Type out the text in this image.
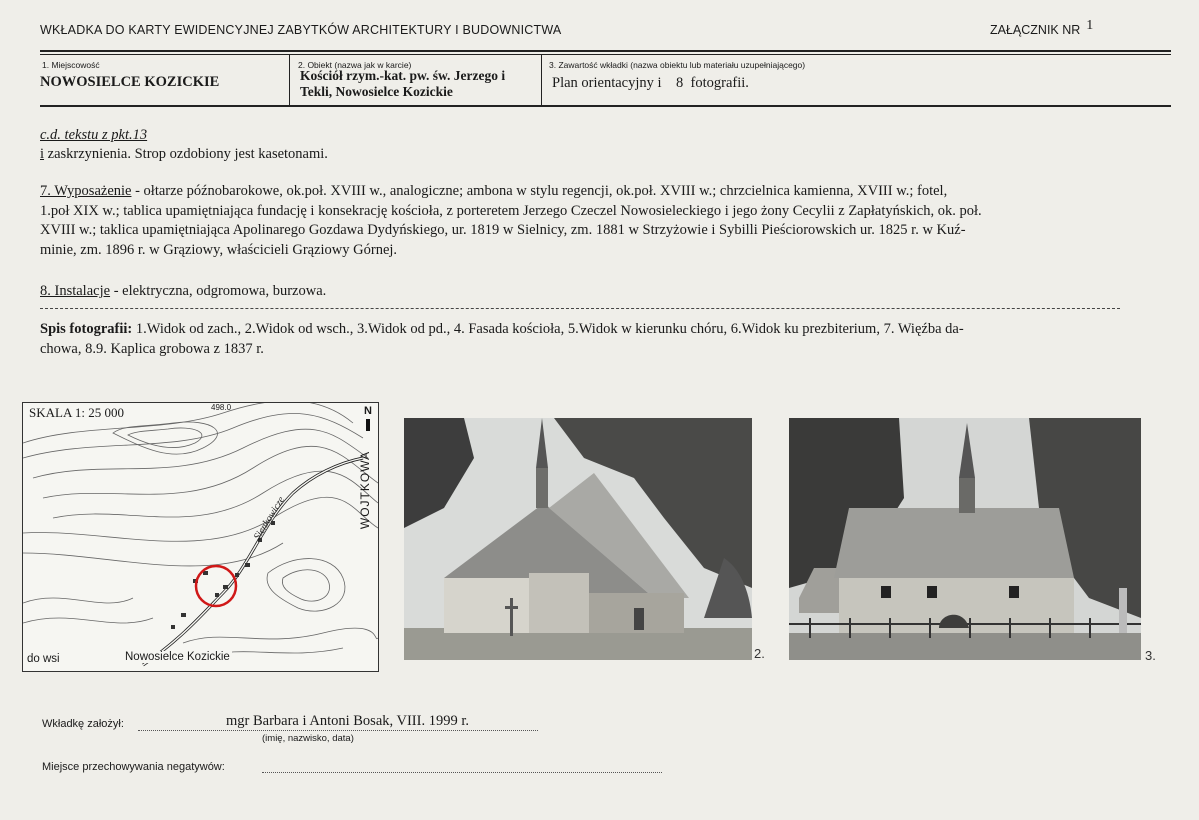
WKŁADKA DO KARTY EWIDENCYJNEJ ZABYTKÓW ARCHITEKTURY I BUDOWNICTWA	ZAŁĄCZNIK NR 1
1. Miejscowość
NOWOSIELCE KOZICKIE
2. Obiekt (nazwa jak w karcie)
Kościół rzym.-kat. pw. św. Jerzego i
Tekli, Nowosielce Kozickie
3. Zawartość wkładki (nazwa obiektu lub materiału uzupełniającego)
Plan orientacyjny i    8  fotografii.
c.d. tekstu z pkt.13
i zaskrzynienia. Strop ozdobiony jest kasetonami.
7. Wyposażenie - ołtarze późnobarokowe, ok.poł. XVIII w., analogiczne; ambona w stylu regencji, ok.poł. XVIII w.; chrzcielnica kamienna, XVIII w.; fotel,
1.poł XIX w.; tablica upamiętniająca fundację i konsekrację kościoła, z porteretem Jerzego Czeczel Nowosieleckiego i jego żony Cecylii z Zapłatyńskich, ok. poł.
XVIII w.; taklica upamiętniająca Apolinarego Gozdawa Dydyńskiego, ur. 1819 w Sielnicy, zm. 1881 w Strzyżowie i Sybilli Pieściorowskich ur. 1825 r. w Kuź-
minie, zm. 1896 r. w Grąziowy, właścicieli Grąziowy Górnej.
8. Instalacje - elektryczna, odgromowa, burzowa.
Spis fotografii: 1.Widok od zach., 2.Widok od wsch., 3.Widok od pd., 4. Fasada kościoła, 5.Widok w kierunku chóru, 6.Widok ku prezbiterium, 7. Więźba da-
chowa, 8.9. Kaplica grobowa z 1837 r.
SKALA 1: 25 000	498.0	N
WOJTKOWA
Sienkowicze
Nowosielce Kozickie
do wsi	2.	3.
Wkładkę założył:	mgr Barbara i Antoni Bosak, VIII. 1999 r.
(imię, nazwisko, data)
Miejsce przechowywania negatywów:
